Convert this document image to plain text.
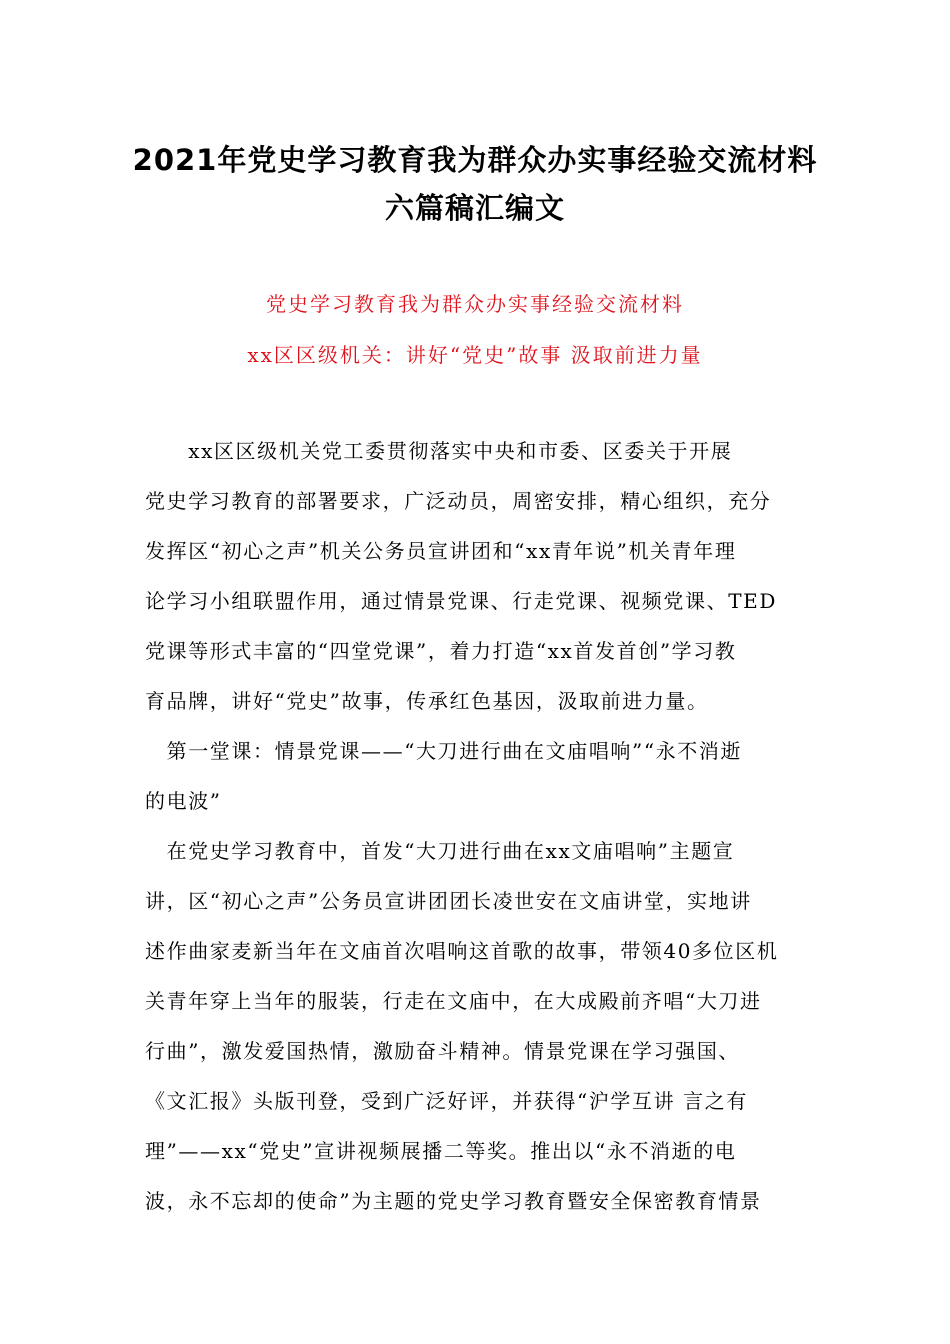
2021年党史学习教育我为群众办实事经验交流材料
六篇稿汇编文
党史学习教育我为群众办实事经验交流材料
xx区区级机关：讲好“党史”故事 汲取前进力量
　　xx区区级机关党工委贯彻落实中央和市委、区委关于开展
党史学习教育的部署要求，广泛动员，周密安排，精心组织，充分
发挥区“初心之声”机关公务员宣讲团和“xx青年说”机关青年理
论学习小组联盟作用，通过情景党课、行走党课、视频党课、TED
党课等形式丰富的“四堂党课”，着力打造“xx首发首创”学习教
育品牌，讲好“党史”故事，传承红色基因，汲取前进力量。
　第一堂课：情景党课——“大刀进行曲在文庙唱响”“永不消逝
的电波”
　在党史学习教育中，首发“大刀进行曲在xx文庙唱响”主题宣
讲，区“初心之声”公务员宣讲团团长凌世安在文庙讲堂，实地讲
述作曲家麦新当年在文庙首次唱响这首歌的故事，带领40多位区机
关青年穿上当年的服装，行走在文庙中，在大成殿前齐唱“大刀进
行曲”，激发爱国热情，激励奋斗精神。情景党课在学习强国、
《文汇报》头版刊登，受到广泛好评，并获得“沪学互讲 言之有
理”——xx“党史”宣讲视频展播二等奖。推出以“永不消逝的电
波，永不忘却的使命”为主题的党史学习教育暨安全保密教育情景
